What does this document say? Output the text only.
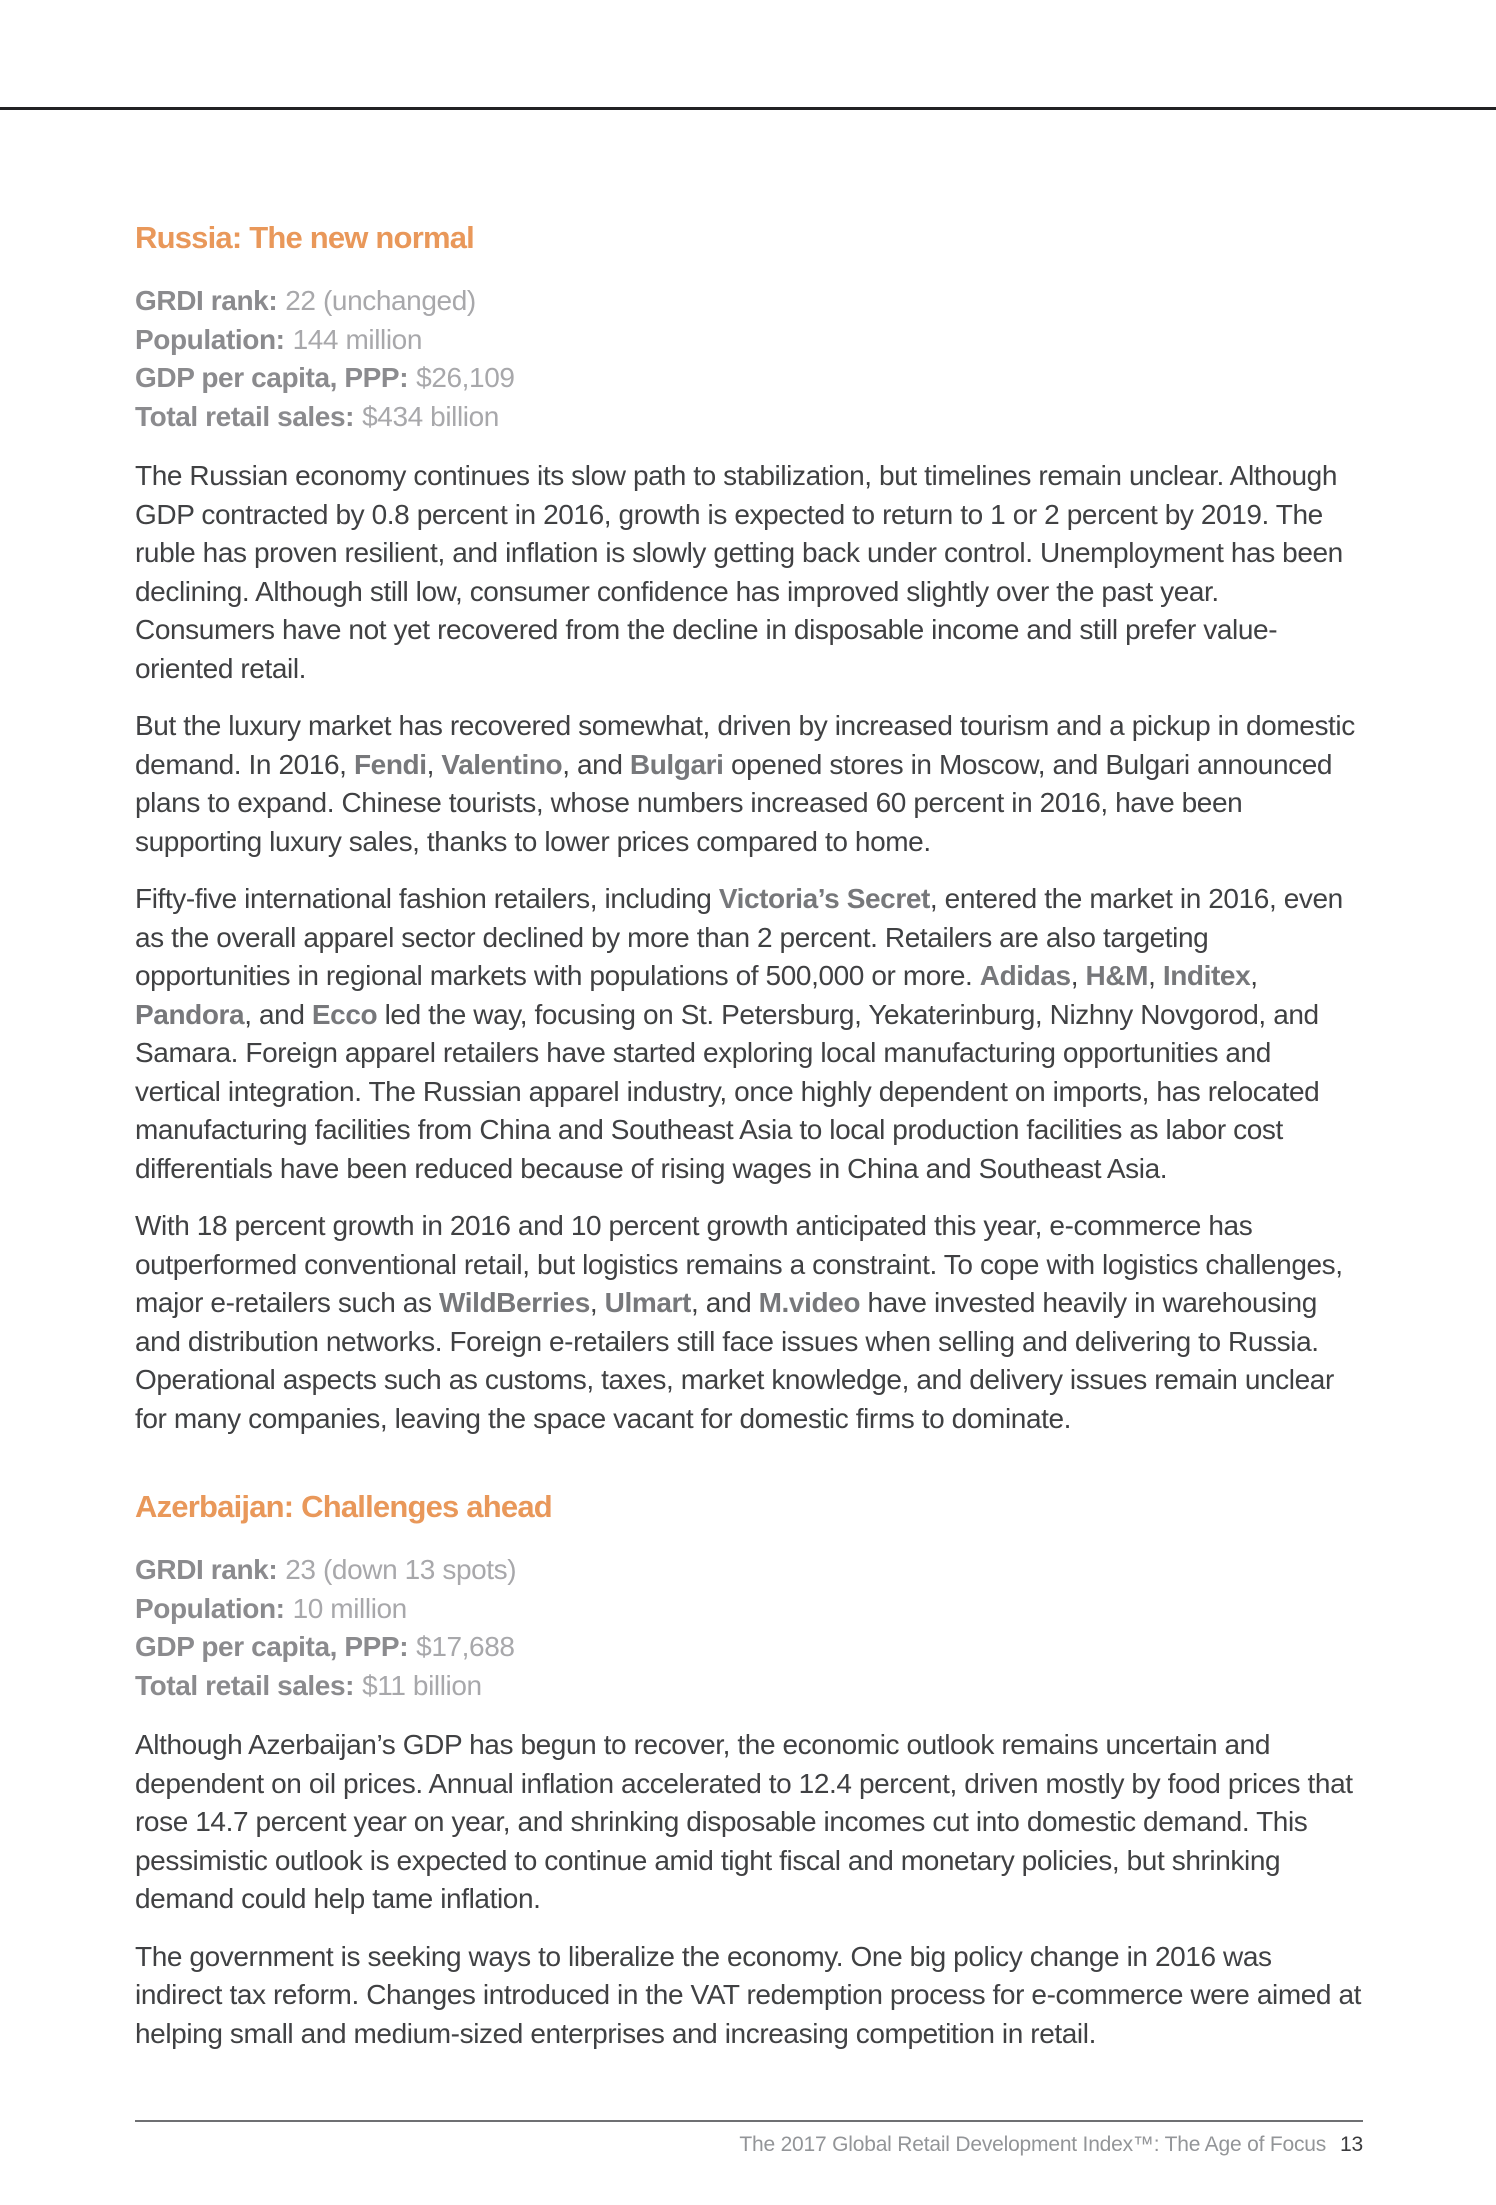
Russia: The new normal
GRDI rank: 22 (unchanged)
Population: 144 million
GDP per capita, PPP: $26,109
Total retail sales: $434 billion

The Russian economy continues its slow path to stabilization, but timelines remain unclear. Although GDP contracted by 0.8 percent in 2016, growth is expected to return to 1 or 2 percent by 2019. The ruble has proven resilient, and inflation is slowly getting back under control. Unemployment has been declining. Although still low, consumer confidence has improved slightly over the past year. Consumers have not yet recovered from the decline in disposable income and still prefer value-oriented retail.

But the luxury market has recovered somewhat, driven by increased tourism and a pickup in domestic demand. In 2016, Fendi, Valentino, and Bulgari opened stores in Moscow, and Bulgari announced plans to expand. Chinese tourists, whose numbers increased 60 percent in 2016, have been supporting luxury sales, thanks to lower prices compared to home.

Fifty-five international fashion retailers, including Victoria’s Secret, entered the market in 2016, even as the overall apparel sector declined by more than 2 percent. Retailers are also targeting opportunities in regional markets with populations of 500,000 or more. Adidas, H&M, Inditex, Pandora, and Ecco led the way, focusing on St. Petersburg, Yekaterinburg, Nizhny Novgorod, and Samara. Foreign apparel retailers have started exploring local manufacturing opportunities and vertical integration. The Russian apparel industry, once highly dependent on imports, has relocated manufacturing facilities from China and Southeast Asia to local production facilities as labor cost differentials have been reduced because of rising wages in China and Southeast Asia.

With 18 percent growth in 2016 and 10 percent growth anticipated this year, e-commerce has outperformed conventional retail, but logistics remains a constraint. To cope with logistics challenges, major e-retailers such as WildBerries, Ulmart, and M.video have invested heavily in warehousing and distribution networks. Foreign e-retailers still face issues when selling and delivering to Russia. Operational aspects such as customs, taxes, market knowledge, and delivery issues remain unclear for many companies, leaving the space vacant for domestic firms to dominate.

Azerbaijan: Challenges ahead
GRDI rank: 23 (down 13 spots)
Population: 10 million
GDP per capita, PPP: $17,688
Total retail sales: $11 billion

Although Azerbaijan’s GDP has begun to recover, the economic outlook remains uncertain and dependent on oil prices. Annual inflation accelerated to 12.4 percent, driven mostly by food prices that rose 14.7 percent year on year, and shrinking disposable incomes cut into domestic demand. This pessimistic outlook is expected to continue amid tight fiscal and monetary policies, but shrinking demand could help tame inflation.

The government is seeking ways to liberalize the economy. One big policy change in 2016 was indirect tax reform. Changes introduced in the VAT redemption process for e-commerce were aimed at helping small and medium-sized enterprises and increasing competition in retail.

The 2017 Global Retail Development Index™: The Age of Focus 13
